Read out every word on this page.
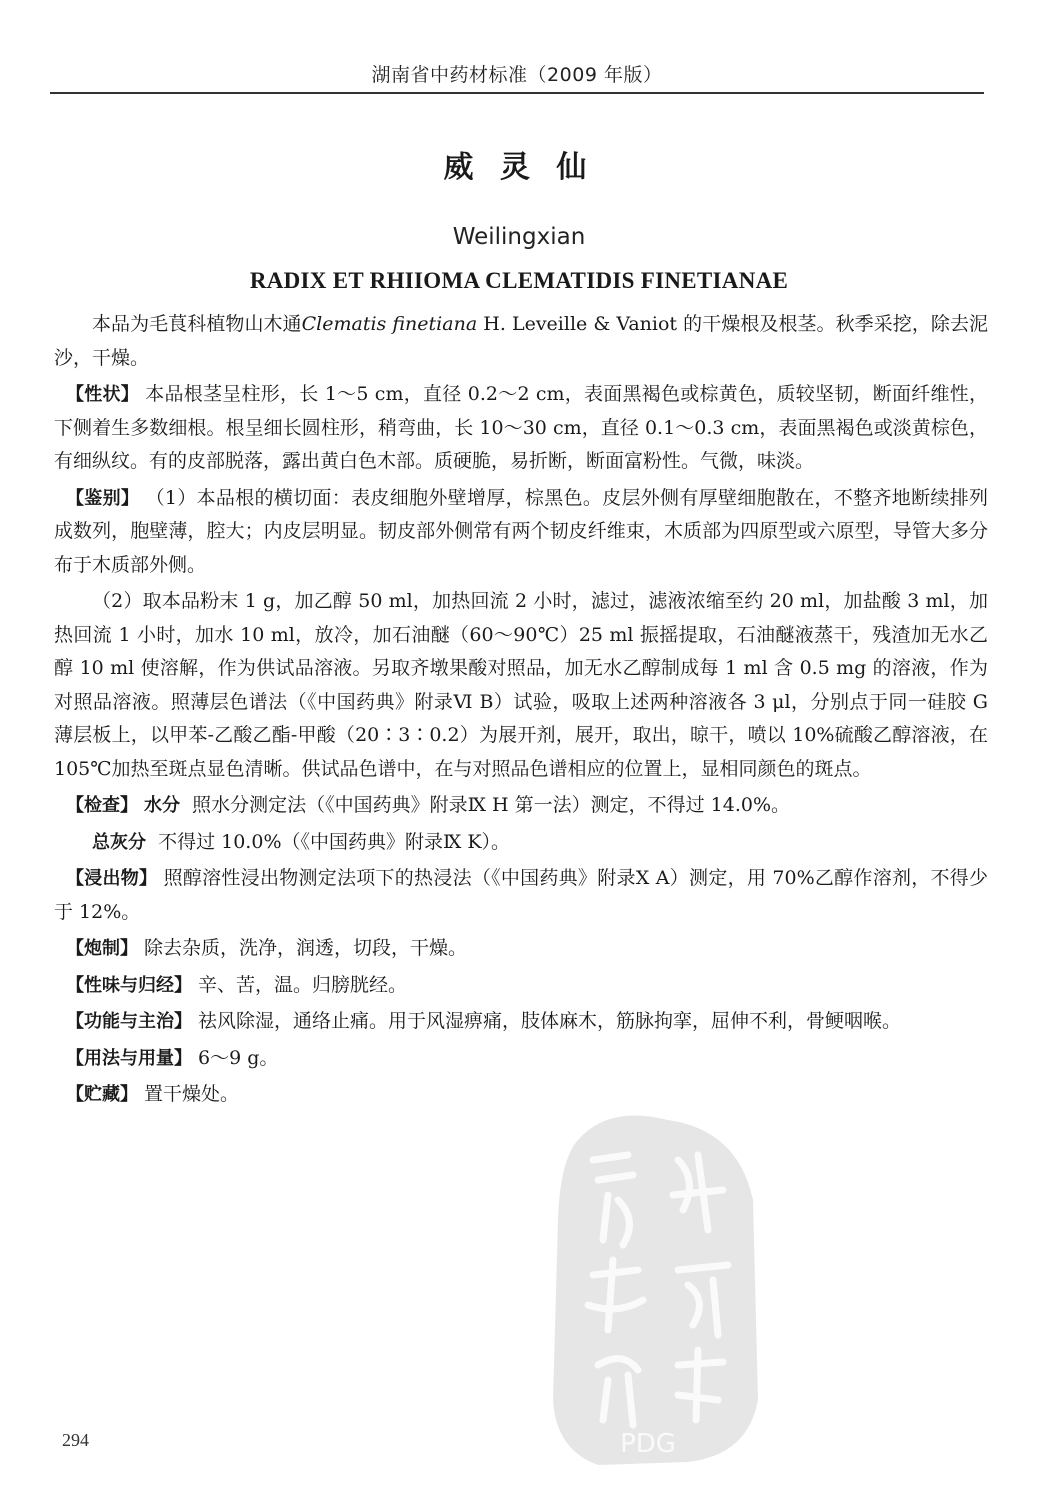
湖南省中药材标准（2009 年版）
威 灵 仙
Weilingxian
RADIX ET RHIIOMA CLEMATIDIS FINETIANAE

本品为毛茛科植物山木通Clematis finetiana H. Leveille & Vaniot 的干燥根及根茎。秋季采挖，除去泥沙，干燥。

【性状】 本品根茎呈柱形，长 1～5 cm，直径 0.2～2 cm，表面黑褐色或棕黄色，质较坚韧，断面纤维性，下侧着生多数细根。根呈细长圆柱形，稍弯曲，长 10～30 cm，直径 0.1～0.3 cm，表面黑褐色或淡黄棕色，有细纵纹。有的皮部脱落，露出黄白色木部。质硬脆，易折断，断面富粉性。气微，味淡。

【鉴别】 （1）本品根的横切面：表皮细胞外壁增厚，棕黑色。皮层外侧有厚壁细胞散在，不整齐地断续排列成数列，胞壁薄，腔大；内皮层明显。韧皮部外侧常有两个韧皮纤维束，木质部为四原型或六原型，导管大多分布于木质部外侧。

（2）取本品粉末 1 g，加乙醇 50 ml，加热回流 2 小时，滤过，滤液浓缩至约 20 ml，加盐酸 3 ml，加热回流 1 小时，加水 10 ml，放冷，加石油醚（60～90℃）25 ml 振摇提取，石油醚液蒸干，残渣加无水乙醇 10 ml 使溶解，作为供试品溶液。另取齐墩果酸对照品，加无水乙醇制成每 1 ml 含 0.5 mg 的溶液，作为对照品溶液。照薄层色谱法（《中国药典》附录Ⅵ B）试验，吸取上述两种溶液各 3 μl，分别点于同一硅胶 G 薄层板上，以甲苯-乙酸乙酯-甲酸（20∶3∶0.2）为展开剂，展开，取出，晾干，喷以 10%硫酸乙醇溶液，在 105℃加热至斑点显色清晰。供试品色谱中，在与对照品色谱相应的位置上，显相同颜色的斑点。

【检查】 水分 照水分测定法（《中国药典》附录Ⅸ H 第一法）测定，不得过 14.0%。

总灰分 不得过 10.0%（《中国药典》附录Ⅸ K）。

【浸出物】 照醇溶性浸出物测定法项下的热浸法（《中国药典》附录Ⅹ A）测定，用 70%乙醇作溶剂，不得少于 12%。

【炮制】 除去杂质，洗净，润透，切段，干燥。

【性味与归经】 辛、苦，温。归膀胱经。

【功能与主治】 祛风除湿，通络止痛。用于风湿痹痛，肢体麻木，筋脉拘挛，屈伸不利，骨鲠咽喉。

【用法与用量】 6～9 g。

【贮藏】 置干燥处。

PDG
294
